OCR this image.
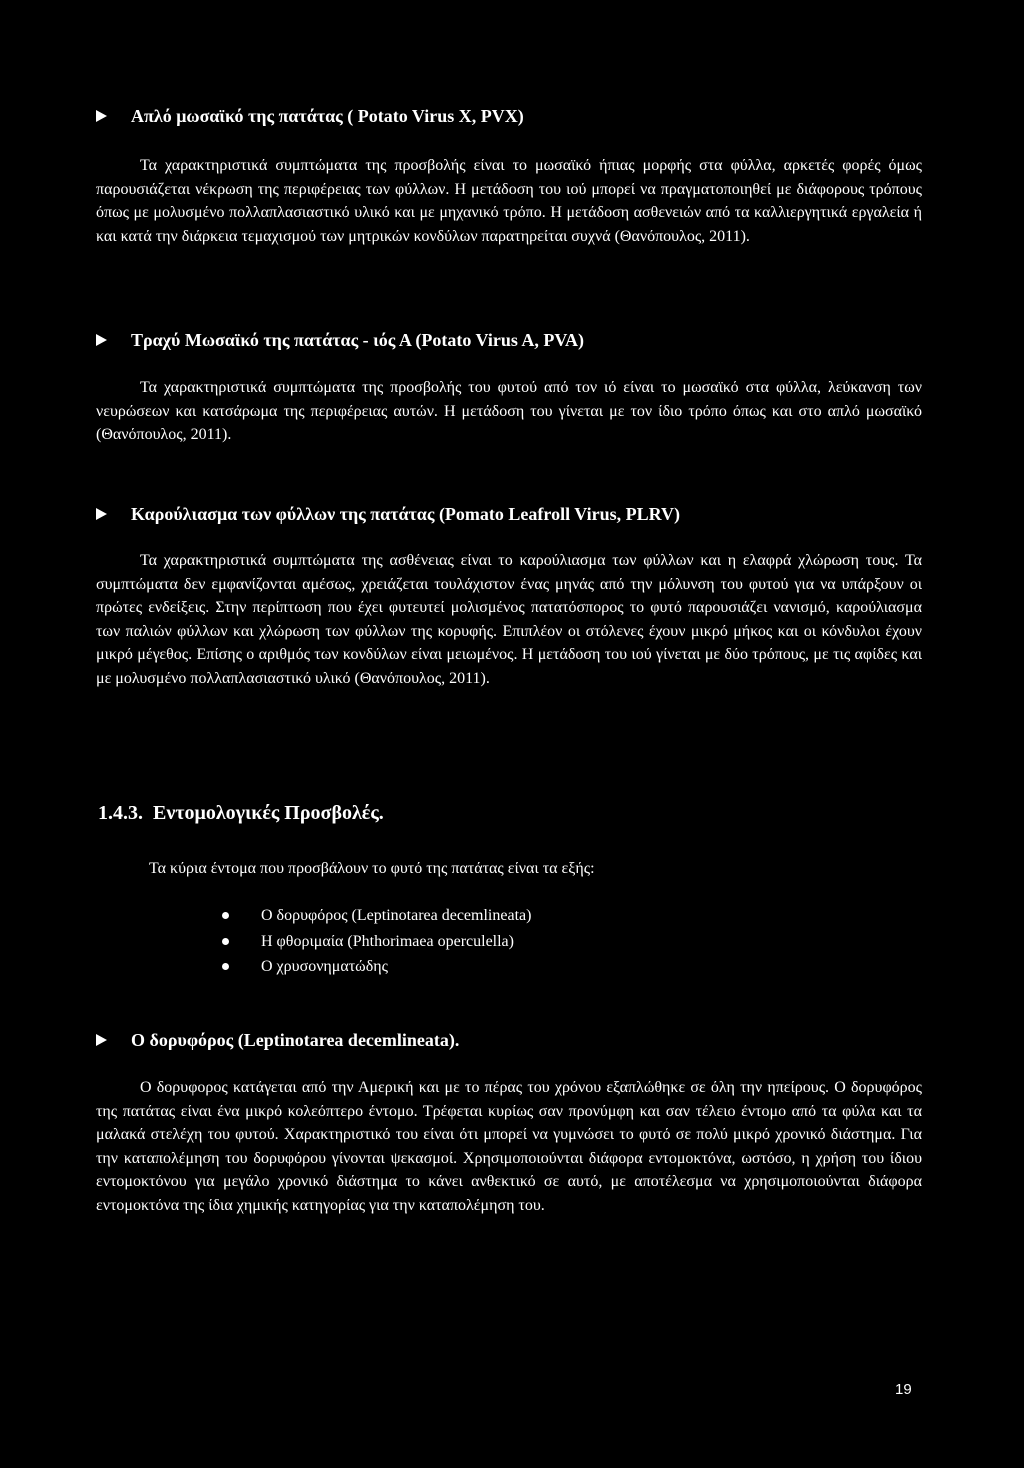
Απλό μωσαϊκό της πατάτας ( Potato Virus X, PVX)

Τα χαρακτηριστικά συμπτώματα της προσβολής είναι το μωσαϊκό ήπιας μορφής στα φύλλα, αρκετές φορές όμως παρουσιάζεται νέκρωση της περιφέρειας των φύλλων. Η μετάδοση του ιού μπορεί να πραγματοποιηθεί με διάφορους τρόπους όπως με μολυσμένο πολλαπλασιαστικό υλικό και με μηχανικό τρόπο. Η μετάδοση ασθενειών από τα καλλιεργητικά εργαλεία ή και κατά την διάρκεια τεμαχισμού των μητρικών κονδύλων παρατηρείται συχνά (Θανόπουλος, 2011).

Τραχύ Μωσαϊκό της πατάτας - ιός Α (Potato Virus A, PVA)

Τα χαρακτηριστικά συμπτώματα της προσβολής του φυτού από τον ιό είναι το μωσαϊκό στα φύλλα, λεύκανση των νευρώσεων και κατσάρωμα της περιφέρειας αυτών. Η μετάδοση του γίνεται με τον ίδιο τρόπο όπως και στο απλό μωσαϊκό (Θανόπουλος, 2011).

Καρούλιασμα των φύλλων της πατάτας (Pomato Leafroll Virus, PLRV)

Τα χαρακτηριστικά συμπτώματα της ασθένειας είναι το καρούλιασμα των φύλλων και η ελαφρά χλώρωση τους. Τα συμπτώματα δεν εμφανίζονται αμέσως, χρειάζεται τουλάχιστον ένας μηνάς από την μόλυνση του φυτού για να υπάρξουν οι πρώτες ενδείξεις. Στην περίπτωση που έχει φυτευτεί μολισμένος πατατόσπορος το φυτό παρουσιάζει νανισμό, καρούλιασμα των παλιών φύλλων και χλώρωση των φύλλων της κορυφής. Επιπλέον οι στόλενες έχουν μικρό μήκος και οι κόνδυλοι έχουν μικρό μέγεθος. Επίσης ο αριθμός των κονδύλων είναι μειωμένος. Η μετάδοση του ιού γίνεται με δύο τρόπους, με τις αφίδες και με μολυσμένο πολλαπλασιαστικό υλικό (Θανόπουλος, 2011).

1.4.3. Εντομολογικές Προσβολές.
Τα κύρια έντομα που προσβάλουν το φυτό της πατάτας είναι τα εξής:
Ο δορυφόρος (Leptinotarea decemlineata)
Η φθοριμαία (Phthorimaea operculella)
Ο χρυσονηματώδης
Ο δορυφόρος (Leptinotarea decemlineata).

Ο δορυφορος κατάγεται από την Αμερική και με το πέρας του χρόνου εξαπλώθηκε σε όλη την ηπείρους. Ο δορυφόρος της πατάτας είναι ένα μικρό κολεόπτερο έντομο. Τρέφεται κυρίως σαν προνύμφη και σαν τέλειο έντομο από τα φύλα και τα μαλακά στελέχη του φυτού. Χαρακτηριστικό του είναι ότι μπορεί να γυμνώσει το φυτό σε πολύ μικρό χρονικό διάστημα. Για την καταπολέμηση του δορυφόρου γίνονται ψεκασμοί. Χρησιμοποιούνται διάφορα εντομοκτόνα, ωστόσο, η χρήση του ίδιου εντομοκτόνου για μεγάλο χρονικό διάστημα το κάνει ανθεκτικό σε αυτό, με αποτέλεσμα να χρησιμοποιούνται διάφορα εντομοκτόνα της ίδια χημικής κατηγορίας για την καταπολέμηση του.

19
